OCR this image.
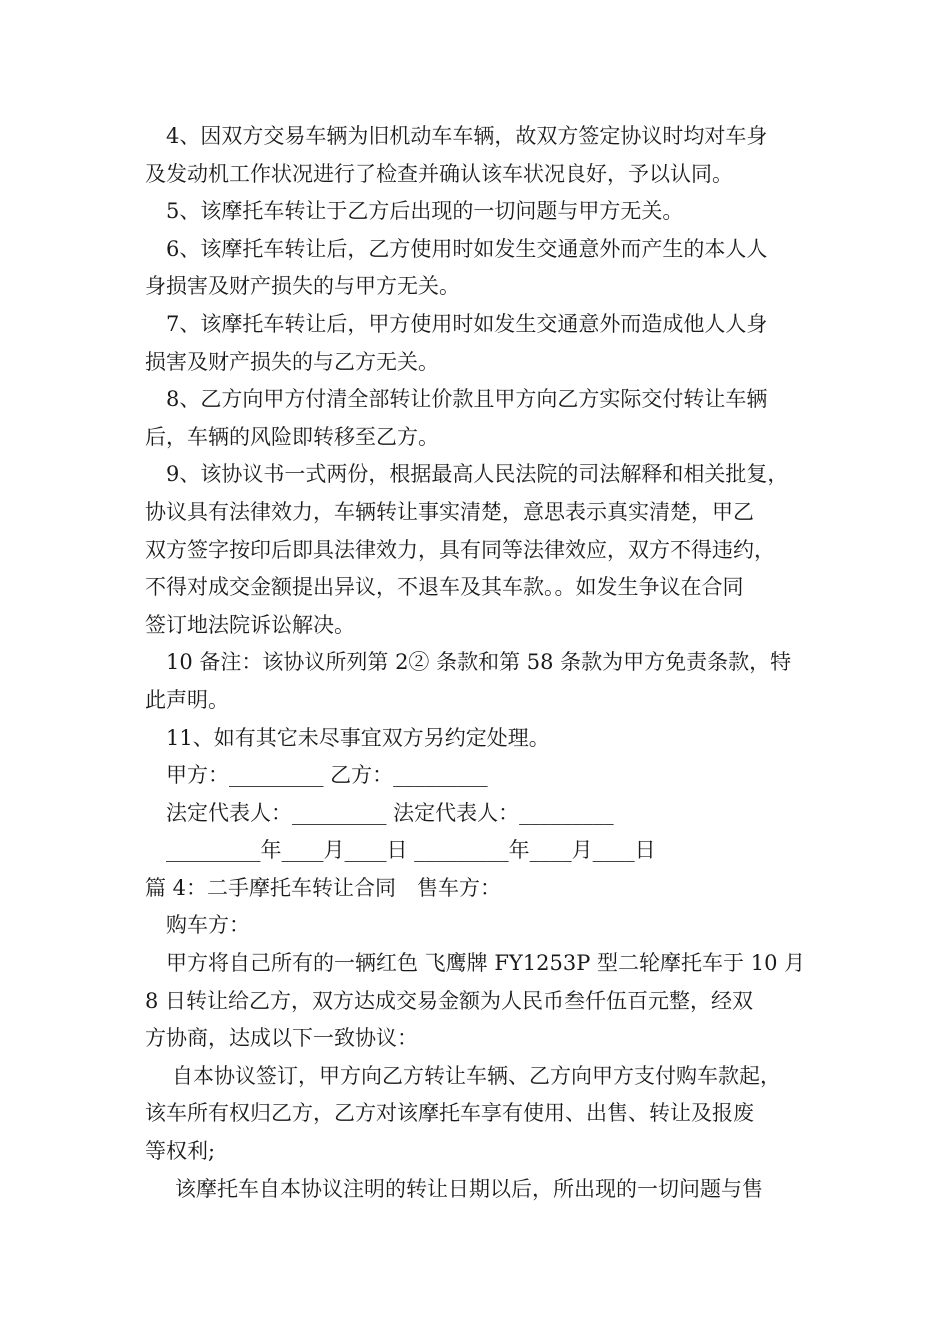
4、因双方交易车辆为旧机动车车辆，故双方签定协议时均对车身
及发动机工作状况进行了检查并确认该车状况良好，予以认同。
5、该摩托车转让于乙方后出现的一切问题与甲方无关。
6、该摩托车转让后，乙方使用时如发生交通意外而产生的本人人
身损害及财产损失的与甲方无关。
7、该摩托车转让后，甲方使用时如发生交通意外而造成他人人身
损害及财产损失的与乙方无关。
8、乙方向甲方付清全部转让价款且甲方向乙方实际交付转让车辆
后，车辆的风险即转移至乙方。
9、该协议书一式两份，根据最高人民法院的司法解释和相关批复，
协议具有法律效力，车辆转让事实清楚，意思表示真实清楚，甲乙
双方签字按印后即具法律效力，具有同等法律效应，双方不得违约，
不得对成交金额提出异议，不退车及其车款。。如发生争议在合同
签订地法院诉讼解决。
10 备注：该协议所列第 2② 条款和第 58 条款为甲方免责条款，特
此声明。
11、如有其它未尽事宜双方另约定处理。
甲方：_________ 乙方：_________
法定代表人：_________ 法定代表人：_________
_________年____月____日 _________年____月____日
篇 4：二手摩托车转让合同　售车方：
购车方：
甲方将自己所有的一辆红色 飞鹰牌 FY1253P 型二轮摩托车于 10 月
8 日转让给乙方，双方达成交易金额为人民币叁仟伍百元整，经双
方协商，达成以下一致协议：
自本协议签订，甲方向乙方转让车辆、乙方向甲方支付购车款起，
该车所有权归乙方，乙方对该摩托车享有使用、出售、转让及报废
等权利;
该摩托车自本协议注明的转让日期以后，所出现的一切问题与售
